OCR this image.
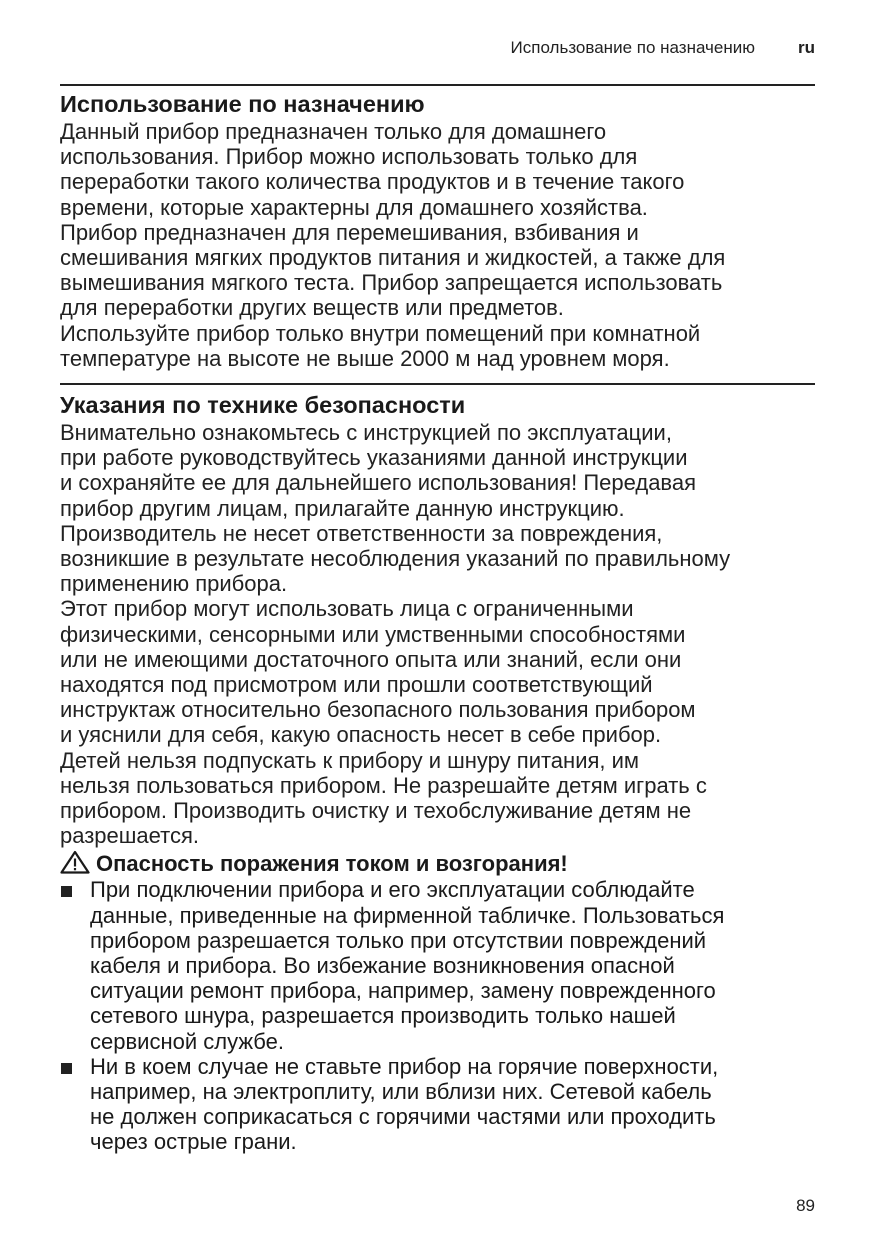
Использование по назначению	ru
Использование по назначению
Данный прибор предназначен только для домашнего
использования. Прибор можно использовать только для
переработки такого количества продуктов и в течение такого
времени, которые характерны для домашнего хозяйства.
Прибор предназначен для перемешивания, взбивания и
смешивания мягких продуктов питания и жидкостей, а также для
вымешивания мягкого теста. Прибор запрещается использовать
для переработки других веществ или предметов.
Используйте прибор только внутри помещений при комнатной
температуре на высоте не выше 2000 м над уровнем моря.
Указания по технике безопасности
Внимательно ознакомьтесь с инструкцией по эксплуатации,
при работе руководствуйтесь указаниями данной инструкции
и сохраняйте ее для дальнейшего использования! Передавая
прибор другим лицам, прилагайте данную инструкцию.
Производитель не несет ответственности за повреждения,
возникшие в результате несоблюдения указаний по правильному
применению прибора.
Этот прибор могут использовать лица с ограниченными
физическими, сенсорными или умственными способностями
или не имеющими достаточного опыта или знаний, если они
находятся под присмотром или прошли соответствующий
инструктаж относительно безопасного пользования прибором
и уяснили для себя, какую опасность несет в себе прибор.
Детей нельзя подпускать к прибору и шнуру питания, им
нельзя пользоваться прибором. Не разрешайте детям играть с
прибором. Производить очистку и техобслуживание детям не
разрешается.
Опасность поражения током и возгорания!
При подключении прибора и его эксплуатации соблюдайте
данные, приведенные на фирменной табличке. Пользоваться
прибором разрешается только при отсутствии повреждений
кабеля и прибора. Во избежание возникновения опасной
ситуации ремонт прибора, например, замену поврежденного
сетевого шнура, разрешается производить только нашей
сервисной службе.
Ни в коем случае не ставьте прибор на горячие поверхности,
например, на электроплиту, или вблизи них. Сетевой кабель
не должен соприкасаться с горячими частями или проходить
через острые грани.
89
